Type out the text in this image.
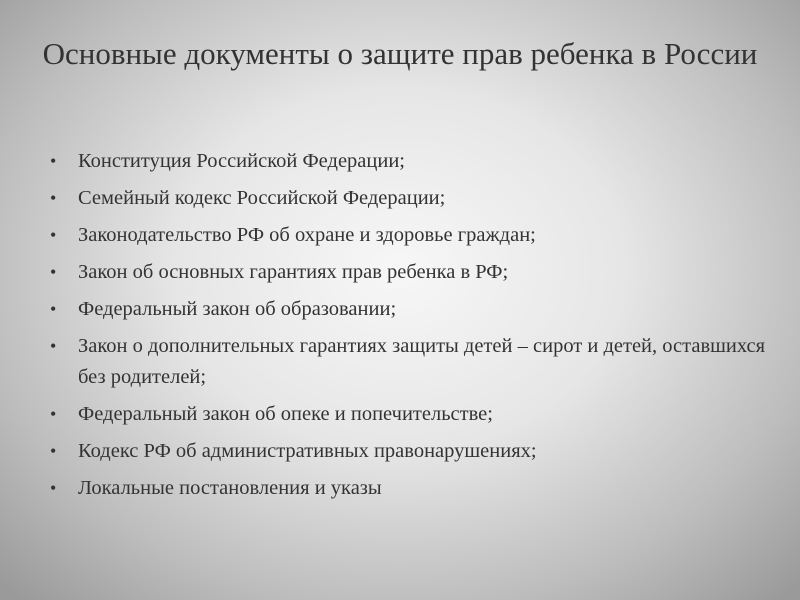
Основные документы о защите прав ребенка в России
•	Конституция Российской Федерации;
•	Семейный кодекс Российской Федерации;
•	Законодательство РФ об охране и здоровье граждан;
•	Закон об основных гарантиях прав ребенка в РФ;
•	Федеральный закон об образовании;
•	Закон о дополнительных гарантиях защиты детей – сирот и детей, оставшихся без родителей;
•	Федеральный закон об опеке и попечительстве;
•	Кодекс РФ об административных правонарушениях;
•	Локальные постановления и указы
